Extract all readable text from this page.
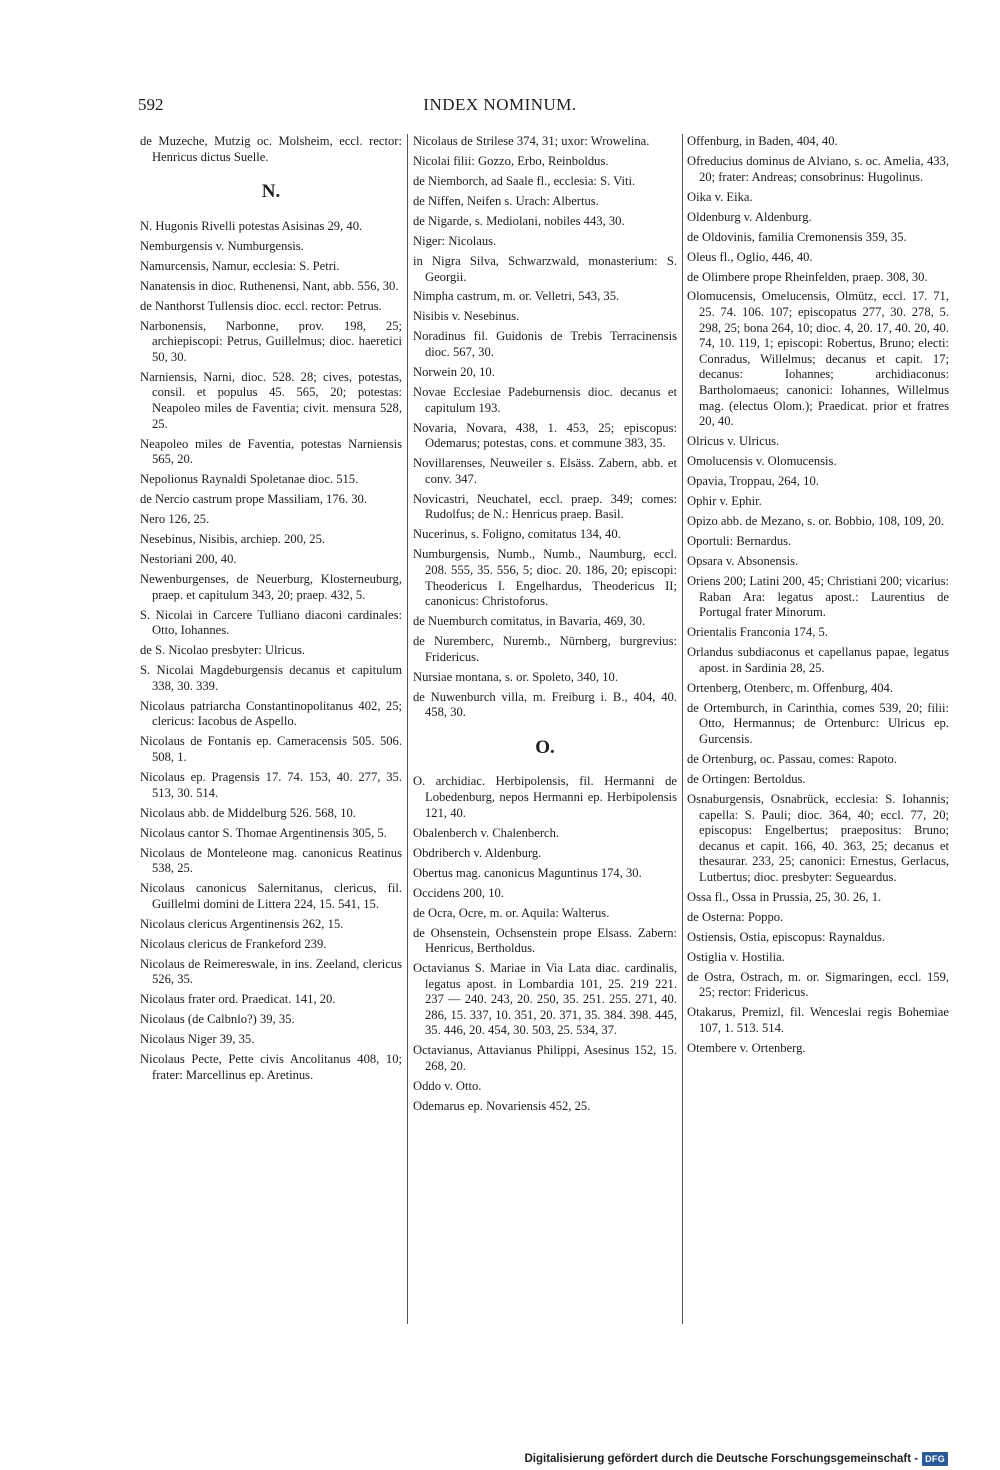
592	INDEX NOMINUM.

de Muzeche, Mutzig oc. Molsheim, eccl. rector: Henricus dictus Suelle.

N.

N. Hugonis Rivelli potestas Asisinas 29, 40.

Nemburgensis v. Numburgensis.

Namurcensis, Namur, ecclesia: S. Petri.

Nanatensis in dioc. Ruthenensi, Nant, abb. 556, 30.

de Nanthorst Tullensis dioc. eccl. rector: Petrus.

Narbonensis, Narbonne, prov. 198, 25; archiepiscopi: Petrus, Guillelmus; dioc. haeretici 50, 30.

Narniensis, Narni, dioc. 528. 28; cives, potestas, consil. et populus 45. 565, 20; potestas: Neapoleo miles de Faventia; civit. mensura 528, 25.

Neapoleo miles de Faventia, potestas Narniensis 565, 20.

Nepolionus Raynaldi Spoletanae dioc. 515.

de Nercio castrum prope Massiliam, 176. 30.

Nero 126, 25.

Nesebinus, Nisibis, archiep. 200, 25.

Nestoriani 200, 40.

Newenburgenses, de Neuerburg, Klosterneuburg, praep. et capitulum 343, 20; praep. 432, 5.

S. Nicolai in Carcere Tulliano diaconi cardinales: Otto, Iohannes.

de S. Nicolao presbyter: Ulricus.

S. Nicolai Magdeburgensis decanus et capitulum 338, 30. 339.

Nicolaus patriarcha Constantinopolitanus 402, 25; clericus: Iacobus de Aspello.

Nicolaus de Fontanis ep. Cameracensis 505. 506. 508, 1.

Nicolaus ep. Pragensis 17. 74. 153, 40. 277, 35. 513, 30. 514.

Nicolaus abb. de Middelburg 526. 568, 10.

Nicolaus cantor S. Thomae Argentinensis 305, 5.

Nicolaus de Monteleone mag. canonicus Reatinus 538, 25.

Nicolaus canonicus Salernitanus, clericus, fil. Guillelmi domini de Littera 224, 15. 541, 15.

Nicolaus clericus Argentinensis 262, 15.

Nicolaus clericus de Frankeford 239.

Nicolaus de Reimereswale, in ins. Zeeland, clericus 526, 35.

Nicolaus frater ord. Praedicat. 141, 20.

Nicolaus (de Calbnlo?) 39, 35.

Nicolaus Niger 39, 35.

Nicolaus Pecte, Pette civis Ancolitanus 408, 10; frater: Marcellinus ep. Aretinus.

Nicolaus de Strilese 374, 31; uxor: Wrowelina.

Nicolai filii: Gozzo, Erbo, Reinboldus.

de Niemborch, ad Saale fl., ecclesia: S. Viti.

de Niffen, Neifen s. Urach: Albertus.

de Nigarde, s. Mediolani, nobiles 443, 30.

Niger: Nicolaus.

in Nigra Silva, Schwarzwald, monasterium: S. Georgii.

Nimpha castrum, m. or. Velletri, 543, 35.

Nisibis v. Nesebinus.

Noradinus fil. Guidonis de Trebis Terracinensis dioc. 567, 30.

Norwein 20, 10.

Novae Ecclesiae Padeburnensis dioc. decanus et capitulum 193.

Novaria, Novara, 438, 1. 453, 25; episcopus: Odemarus; potestas, cons. et commune 383, 35.

Novillarenses, Neuweiler s. Elsäss. Zabern, abb. et conv. 347.

Novicastri, Neuchatel, eccl. praep. 349; comes: Rudolfus; de N.: Henricus praep. Basil.

Nucerinus, s. Foligno, comitatus 134, 40.

Numburgensis, Numb., Numb., Naumburg, eccl. 208. 555, 35. 556, 5; dioc. 20. 186, 20; episcopi: Theodericus I. Engelhardus, Theodericus II; canonicus: Christoforus.

de Nuemburch comitatus, in Bavaria, 469, 30.

de Nuremberc, Nuremb., Nürnberg, burgrevius: Fridericus.

Nursiae montana, s. or. Spoleto, 340, 10.

de Nuwenburch villa, m. Freiburg i. B., 404, 40. 458, 30.

O.

O. archidiac. Herbipolensis, fil. Hermanni de Lobedenburg, nepos Hermanni ep. Herbipolensis 121, 40.

Obalenberch v. Chalenberch.

Obdriberch v. Aldenburg.

Obertus mag. canonicus Maguntinus 174, 30.

Occidens 200, 10.

de Ocra, Ocre, m. or. Aquila: Walterus.

de Ohsenstein, Ochsenstein prope Elsass. Zabern: Henricus, Bertholdus.

Octavianus S. Mariae in Via Lata diac. cardinalis, legatus apost. in Lombardia 101, 25. 219 221. 237 — 240. 243, 20. 250, 35. 251. 255. 271, 40. 286, 15. 337, 10. 351, 20. 371, 35. 384. 398. 445, 35. 446, 20. 454, 30. 503, 25. 534, 37.

Octavianus, Attavianus Philippi, Asesinus 152, 15. 268, 20.

Oddo v. Otto.

Odemarus ep. Novariensis 452, 25.

Offenburg, in Baden, 404, 40.

Ofreducius dominus de Alviano, s. oc. Amelia, 433, 20; frater: Andreas; consobrinus: Hugolinus.

Oika v. Eika.

Oldenburg v. Aldenburg.

de Oldovinis, familia Cremonensis 359, 35.

Oleus fl., Oglio, 446, 40.

de Olimbere prope Rheinfelden, praep. 308, 30.

Olomucensis, Omelucensis, Olmütz, eccl. 17. 71, 25. 74. 106. 107; episcopatus 277, 30. 278, 5. 298, 25; bona 264, 10; dioc. 4, 20. 17, 40. 20, 40. 74, 10. 119, 1; episcopi: Robertus, Bruno; electi: Conradus, Willelmus; decanus et capit. 17; decanus: Iohannes; archidiaconus: Bartholomaeus; canonici: Iohannes, Willelmus mag. (electus Olom.); Praedicat. prior et fratres 20, 40.

Olricus v. Ulricus.

Omolucensis v. Olomucensis.

Opavia, Troppau, 264, 10.

Ophir v. Ephir.

Opizo abb. de Mezano, s. or. Bobbio, 108, 109, 20.

Oportuli: Bernardus.

Opsara v. Absonensis.

Oriens 200; Latini 200, 45; Christiani 200; vicarius: Raban Ara: legatus apost.: Laurentius de Portugal frater Minorum.

Orientalis Franconia 174, 5.

Orlandus subdiaconus et capellanus papae, legatus apost. in Sardinia 28, 25.

Ortenberg, Otenberc, m. Offenburg, 404.

de Ortemburch, in Carinthia, comes 539, 20; filii: Otto, Hermannus; de Ortenburc: Ulricus ep. Gurcensis.

de Ortenburg, oc. Passau, comes: Rapoto.

de Ortingen: Bertoldus.

Osnaburgensis, Osnabrück, ecclesia: S. Iohannis; capella: S. Pauli; dioc. 364, 40; eccl. 77, 20; episcopus: Engelbertus; praepositus: Bruno; decanus et capit. 166, 40. 363, 25; decanus et thesaurar. 233, 25; canonici: Ernestus, Gerlacus, Lutbertus; dioc. presbyter: Segueardus.

Ossa fl., Ossa in Prussia, 25, 30. 26, 1.

de Osterna: Poppo.

Ostiensis, Ostia, episcopus: Raynaldus.

Ostiglia v. Hostilia.

de Ostra, Ostrach, m. or. Sigmaringen, eccl. 159, 25; rector: Fridericus.

Otakarus, Premizl, fil. Wenceslai regis Bohemiae 107, 1. 513. 514.

Otembere v. Ortenberg.

Digitalisierung gefördert durch die Deutsche Forschungsgemeinschaft - DFG
